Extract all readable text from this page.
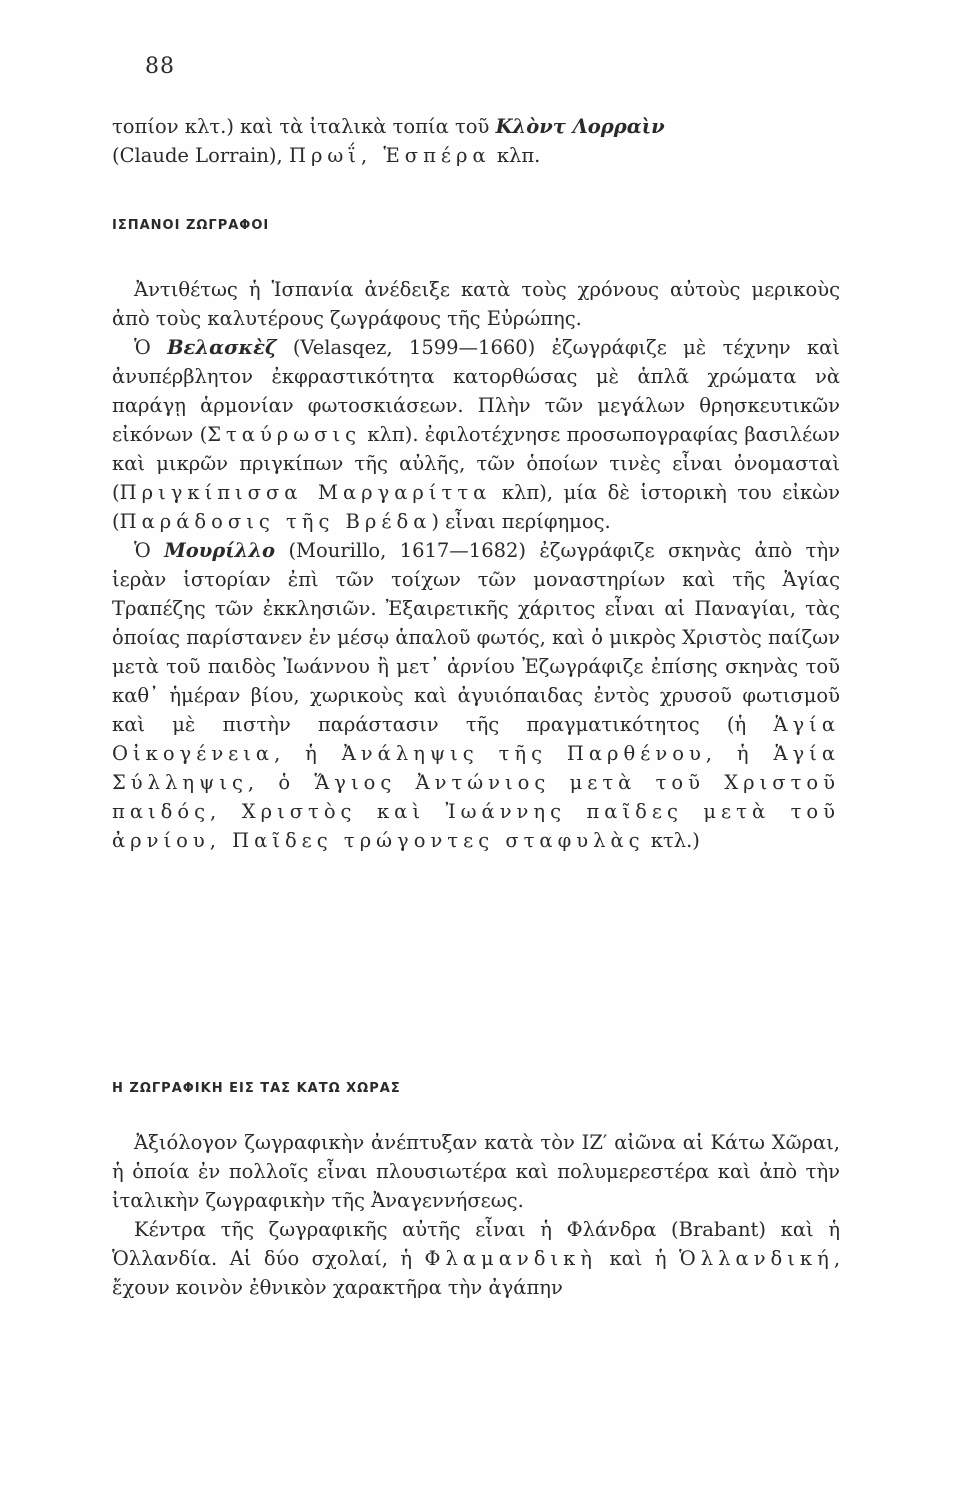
88

τοπίον κλτ.) καὶ τὰ ἰταλικὰ τοπία τοῦ Κλὸντ Λορραὶν
(Claude Lorrain), Πρωΐ, Ἑσπέρα κλπ.

ΙΣΠΑΝΟΙ ΖΩΓΡΑΦΟΙ

Ἀντιθέτως ἡ Ἱσπανία ἀνέδειξε κατὰ τοὺς χρόνους αὐτοὺς μερικοὺς ἀπὸ τοὺς καλυτέρους ζωγράφους τῆς Εὐρώπης.

Ὁ Βελασκὲζ (Velasqez, 1599—1660) ἐζωγράφιζε μὲ τέχνην καὶ ἀνυπέρβλητον ἐκφραστικότητα κατορθώσας μὲ ἁπλᾶ χρώματα νὰ παράγῃ ἁρμονίαν φωτοσκιάσεων. Πλὴν τῶν μεγάλων θρησκευτικῶν εἰκόνων (Σταύρωσις κλπ). ἐφιλοτέχνησε προσωπογραφίας βασιλέων καὶ μικρῶν πριγκίπων τῆς αὐλῆς, τῶν ὁποίων τινὲς εἶναι ὀνομασταὶ (Πριγκίπισσα Μαργαρίττα κλπ), μία δὲ ἱστορικὴ του εἰκὼν (Παράδοσις τῆς Βρέδα) εἶναι περίφημος.

Ὁ Μουρίλλο (Mourillo, 1617—1682) ἐζωγράφιζε σκηνὰς ἀπὸ τὴν ἱερὰν ἱστορίαν ἐπὶ τῶν τοίχων τῶν μοναστηρίων καὶ τῆς Ἁγίας Τραπέζης τῶν ἐκκλησιῶν. Ἐξαιρετικῆς χάριτος εἶναι αἱ Παναγίαι, τὰς ὁποίας παρίστανεν ἐν μέσῳ ἁπαλοῦ φωτός, καὶ ὁ μικρὸς Χριστὸς παίζων μετὰ τοῦ παιδὸς Ἰωάννου ἢ μετ᾽ ἀρνίου Ἐζωγράφιζε ἐπίσης σκηνὰς τοῦ καθ᾽ ἡμέραν βίου, χωρικοὺς καὶ ἀγυιόπαιδας ἐντὸς χρυσοῦ φωτισμοῦ καὶ μὲ πιστὴν παράστασιν τῆς πραγματικότητος (ἡ Ἁγία Οἰκογένεια, ἡ Ἀνάληψις τῆς Παρθένου, ἡ Ἁγία Σύλληψις, ὁ Ἅγιος Ἀντώνιος μετὰ τοῦ Χριστοῦ παιδός, Χριστὸς καὶ Ἰωάννης παῖδες μετὰ τοῦ ἀρνίου, Παῖδες τρώγοντες σταφυλὰς κτλ.)

Η ΖΩΓΡΑΦΙΚΗ ΕΙΣ ΤΑΣ ΚΑΤΩ ΧΩΡΑΣ

Ἀξιόλογον ζωγραφικὴν ἀνέπτυξαν κατὰ τὸν ΙΖ′ αἰῶνα αἱ Κάτω Χῶραι, ἡ ὁποία ἐν πολλοῖς εἶναι πλουσιωτέρα καὶ πολυμερεστέρα καὶ ἀπὸ τὴν ἰταλικὴν ζωγραφικὴν τῆς Ἀναγεννήσεως.

Κέντρα τῆς ζωγραφικῆς αὐτῆς εἶναι ἡ Φλάνδρα (Brabant) καὶ ἡ Ὁλλανδία. Αἱ δύο σχολαί, ἡ Φλαμανδικὴ καὶ ἡ Ὁλλανδική, ἔχουν κοινὸν ἐθνικὸν χαρακτῆρα τὴν ἀγάπην
